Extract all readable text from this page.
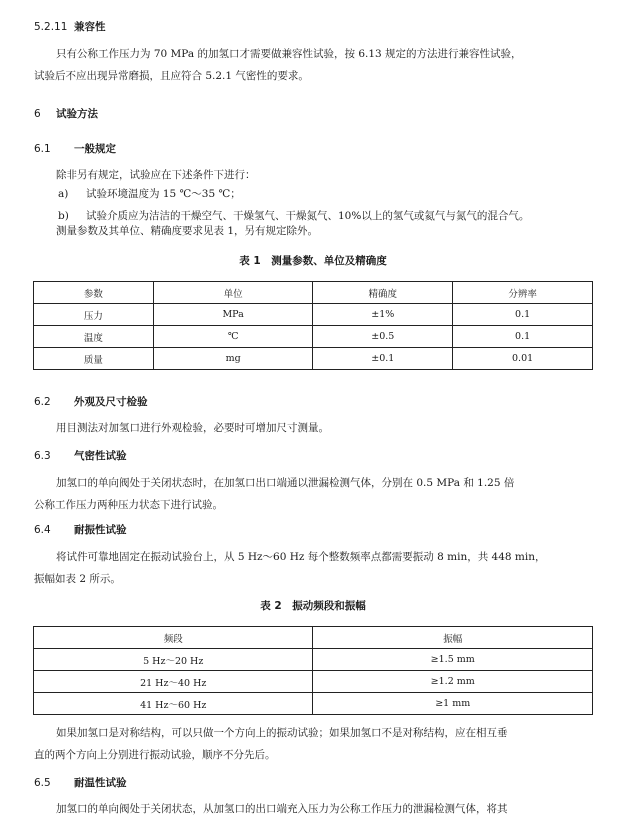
5.2.11 兼容性
只有公称工作压力为 70 MPa 的加氢口才需要做兼容性试验，按 6.13 规定的方法进行兼容性试验，
试验后不应出现异常磨损，且应符合 5.2.1 气密性的要求。
6 试验方法
6.1 一般规定
除非另有规定，试验应在下述条件下进行：
a) 试验环境温度为 15 ℃～35 ℃；
b) 试验介质应为洁洁的干燥空气、干燥氢气、干燥氮气、10%以上的氢气或氦气与氮气的混合气。
测量参数及其单位、精确度要求见表 1，另有规定除外。
表 1　测量参数、单位及精确度
参数	单位	精确度	分辨率
压力	MPa	±1%	0.1
温度	℃	±0.5	0.1
质量	mg	±0.1	0.01
6.2 外观及尺寸检验
用目测法对加氢口进行外观检验，必要时可增加尺寸测量。
6.3 气密性试验
加氢口的单向阀处于关闭状态时，在加氢口出口端通以泄漏检测气体，分别在 0.5 MPa 和 1.25 倍
公称工作压力两种压力状态下进行试验。
6.4 耐振性试验
将试件可靠地固定在振动试验台上，从 5 Hz～60 Hz 每个整数频率点都需要振动 8 min，共 448 min，
振幅如表 2 所示。
表 2　振动频段和振幅
频段	振幅
5 Hz～20 Hz	≥1.5 mm
21 Hz～40 Hz	≥1.2 mm
41 Hz～60 Hz	≥1 mm
如果加氢口是对称结构，可以只做一个方向上的振动试验；如果加氢口不是对称结构，应在相互垂
直的两个方向上分别进行振动试验，顺序不分先后。
6.5 耐温性试验
加氢口的单向阀处于关闭状态，从加氢口的出口端充入压力为公称工作压力的泄漏检测气体，将其
